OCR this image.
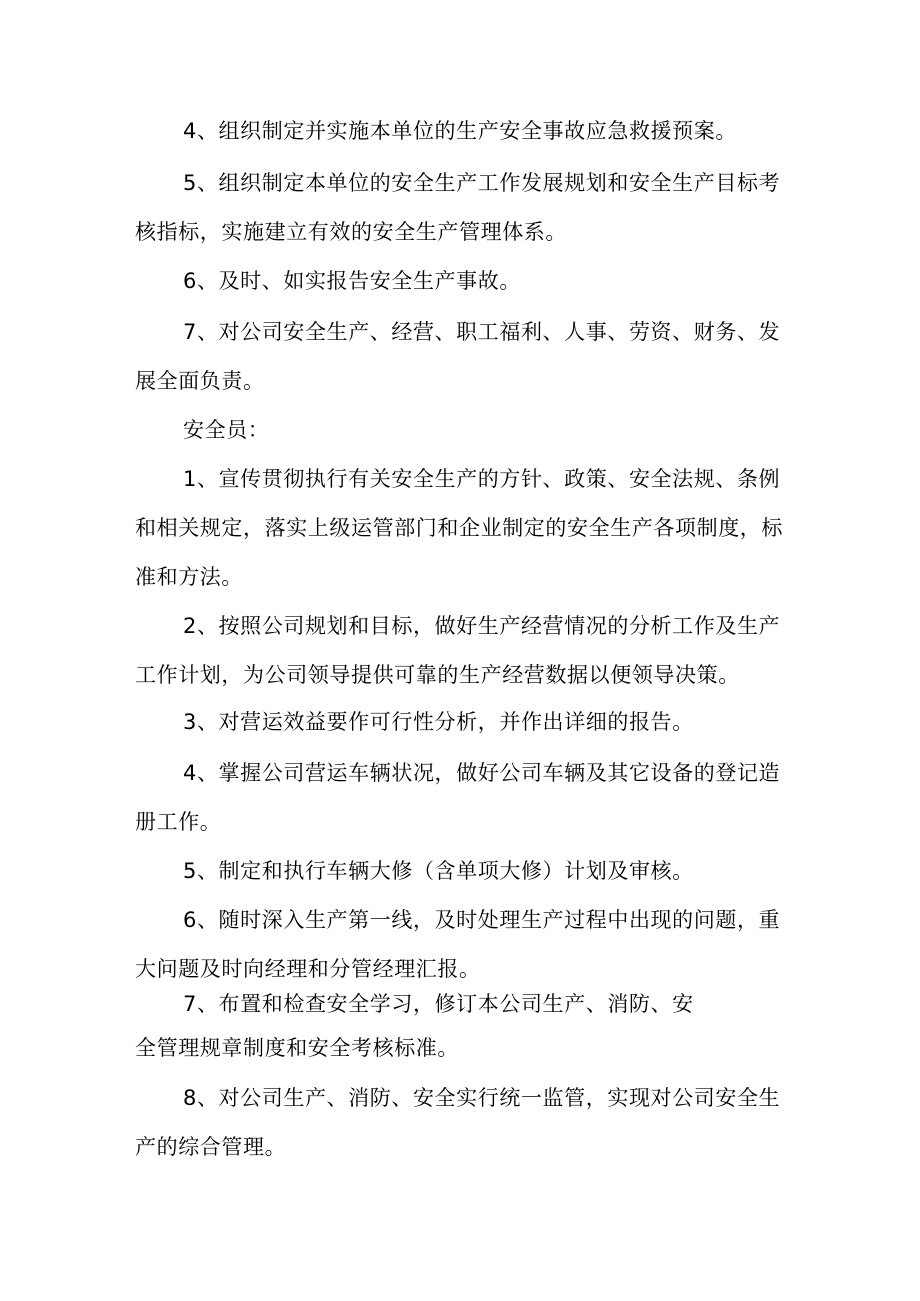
4、组织制定并实施本单位的生产安全事故应急救援预案。
5、组织制定本单位的安全生产工作发展规划和安全生产目标考
核指标，实施建立有效的安全生产管理体系。
6、及时、如实报告安全生产事故。
7、对公司安全生产、经营、职工福利、人事、劳资、财务、发
展全面负责。
安全员：
1、宣传贯彻执行有关安全生产的方针、政策、安全法规、条例
和相关规定，落实上级运管部门和企业制定的安全生产各项制度，标
准和方法。
2、按照公司规划和目标，做好生产经营情况的分析工作及生产
工作计划，为公司领导提供可靠的生产经营数据以便领导决策。
3、对营运效益要作可行性分析，并作出详细的报告。
4、掌握公司营运车辆状况，做好公司车辆及其它设备的登记造
册工作。
5、制定和执行车辆大修（含单项大修）计划及审核。
6、随时深入生产第一线，及时处理生产过程中出现的问题，重
大问题及时向经理和分管经理汇报。
7、布置和检查安全学习，修订本公司生产、消防、安
全管理规章制度和安全考核标准。
8、对公司生产、消防、安全实行统一监管，实现对公司安全生
产的综合管理。
